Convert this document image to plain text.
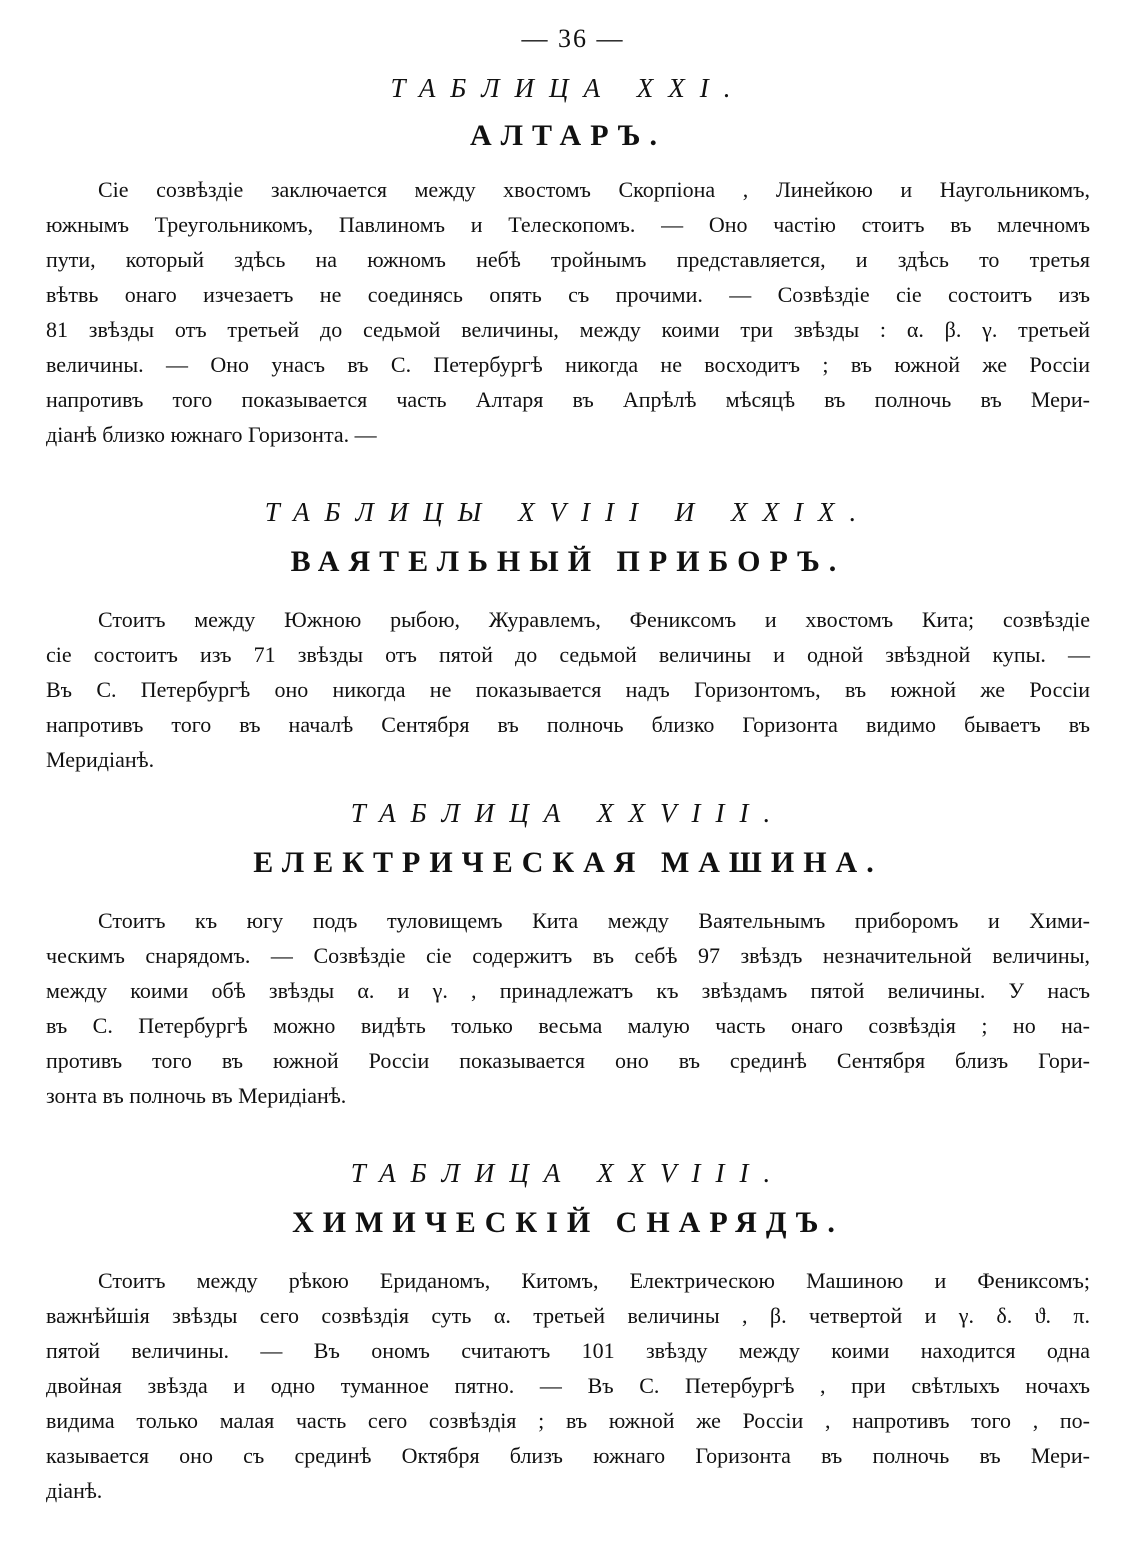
— 36 —
ТАБЛИЦА XXI.
АЛТАРЪ.
Сіе созвѣздіе заключается между хвостомъ Скорпіона , Линейкою и Наугольникомъ,
южнымъ Треугольникомъ, Павлиномъ и Телескопомъ. — Оно частію стоитъ въ млечномъ
пути, который здѣсь на южномъ небѣ тройнымъ представляется, и здѣсь то третья
вѣтвь онаго изчезаетъ не соединясь опять съ прочими. — Созвѣздіе сіе состоитъ изъ
81 звѣзды отъ третьей до седьмой величины, между коими три звѣзды : α. β. γ. третьей
величины. — Оно унасъ въ С. Петербургѣ никогда не восходитъ ; въ южной же Россіи
напротивъ того показывается часть Алтаря въ Апрѣлѣ мѣсяцѣ въ полночь въ Мери-
діанѣ близко южнаго Горизонта. —
ТАБЛИЦЫ XVIII И XXIX.
ВАЯТЕЛЬНЫЙ ПРИБОРЪ.
Стоитъ между Южною рыбою, Журавлемъ, Фениксомъ и хвостомъ Кита; созвѣздіе
сіе состоитъ изъ 71 звѣзды отъ пятой до седьмой величины и одной звѣздной купы. —
Въ С. Петербургѣ оно никогда не показывается надъ Горизонтомъ, въ южной же Россіи
напротивъ того въ началѣ Сентября въ полночь близко Горизонта видимо бываетъ въ
Меридіанѣ.
ТАБЛИЦА XXVIII.
ЕЛЕКТРИЧЕСКАЯ МАШИНА.
Стоитъ къ югу подъ туловищемъ Кита между Ваятельнымъ приборомъ и Хими-
ческимъ снарядомъ. — Созвѣздіе сіе содержитъ въ себѣ 97 звѣздъ незначительной величины,
между коими обѣ звѣзды α. и γ. , принадлежатъ къ звѣздамъ пятой величины. У насъ
въ С. Петербургѣ можно видѣть только весьма малую часть онаго созвѣздія ; но на-
противъ того въ южной Россіи показывается оно въ срединѣ Сентября близъ Гори-
зонта въ полночь въ Меридіанѣ.
ТАБЛИЦА XXVIII.
ХИМИЧЕСКІЙ СНАРЯДЪ.
Стоитъ между рѣкою Ериданомъ, Китомъ, Електрическою Машиною и Фениксомъ;
важнѣйшія звѣзды сего созвѣздія суть α. третьей величины , β. четвертой и γ. δ. ϑ. π.
пятой величины. — Въ ономъ считаютъ 101 звѣзду между коими находится одна
двойная звѣзда и одно туманное пятно. — Въ С. Петербургѣ , при свѣтлыхъ ночахъ
видима только малая часть сего созвѣздія ; въ южной же Россіи , напротивъ того , по-
казывается оно съ срединѣ Октября близъ южнаго Горизонта въ полночь въ Мери-
діанѣ.
